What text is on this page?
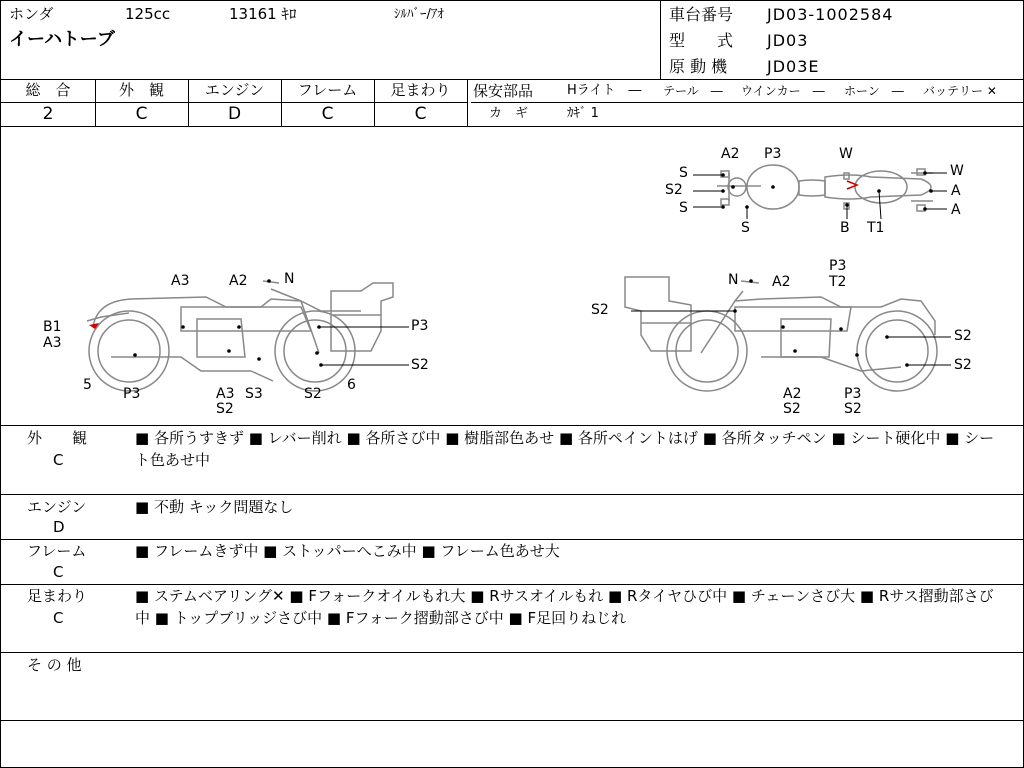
ホンダ	125cc	13161 ｷﾛ	ｼﾙﾊﾞｰ/ｱｵ
イーハトーブ
車台番号 JD03-1002584
型　　式 JD03
原 動 機 JD03E
総　合	外　観	エンジン	フレーム	足まわり
2	C	D	C	C
保安部品	Hライト　― テール　― ウインカー　― ホーン　― バッテリー ✕
カ　ギ	ｶｷﾞ 1
A2 P3	W
S
S2
S
S	B T1
W
A
A
A3	A2	N
B1
A3
P3
5
P3	A3
S2
S3	S2
6
S2
N A2
P3
T2
S2
S2
S2
A2
S2
P3
S2
外　　観
C
■ 各所うすきず ■ レバー削れ ■ 各所さび中 ■ 樹脂部色あせ ■ 各所ペイントはげ ■ 各所タッチペン ■ シート硬化中 ■ シート色あせ中
エンジン
D
■ 不動 キック問題なし
フレーム
C
■ フレームきず中 ■ ストッパーへこみ中 ■ フレーム色あせ大
足まわり
C
■ ステムベアリング✕ ■ Fフォークオイルもれ大 ■ Rサスオイルもれ ■ Rタイヤひび中 ■ チェーンさび大 ■ Rサス摺動部さび中 ■ トップブリッジさび中 ■ Fフォーク摺動部さび中 ■ F足回りねじれ
そ の 他
